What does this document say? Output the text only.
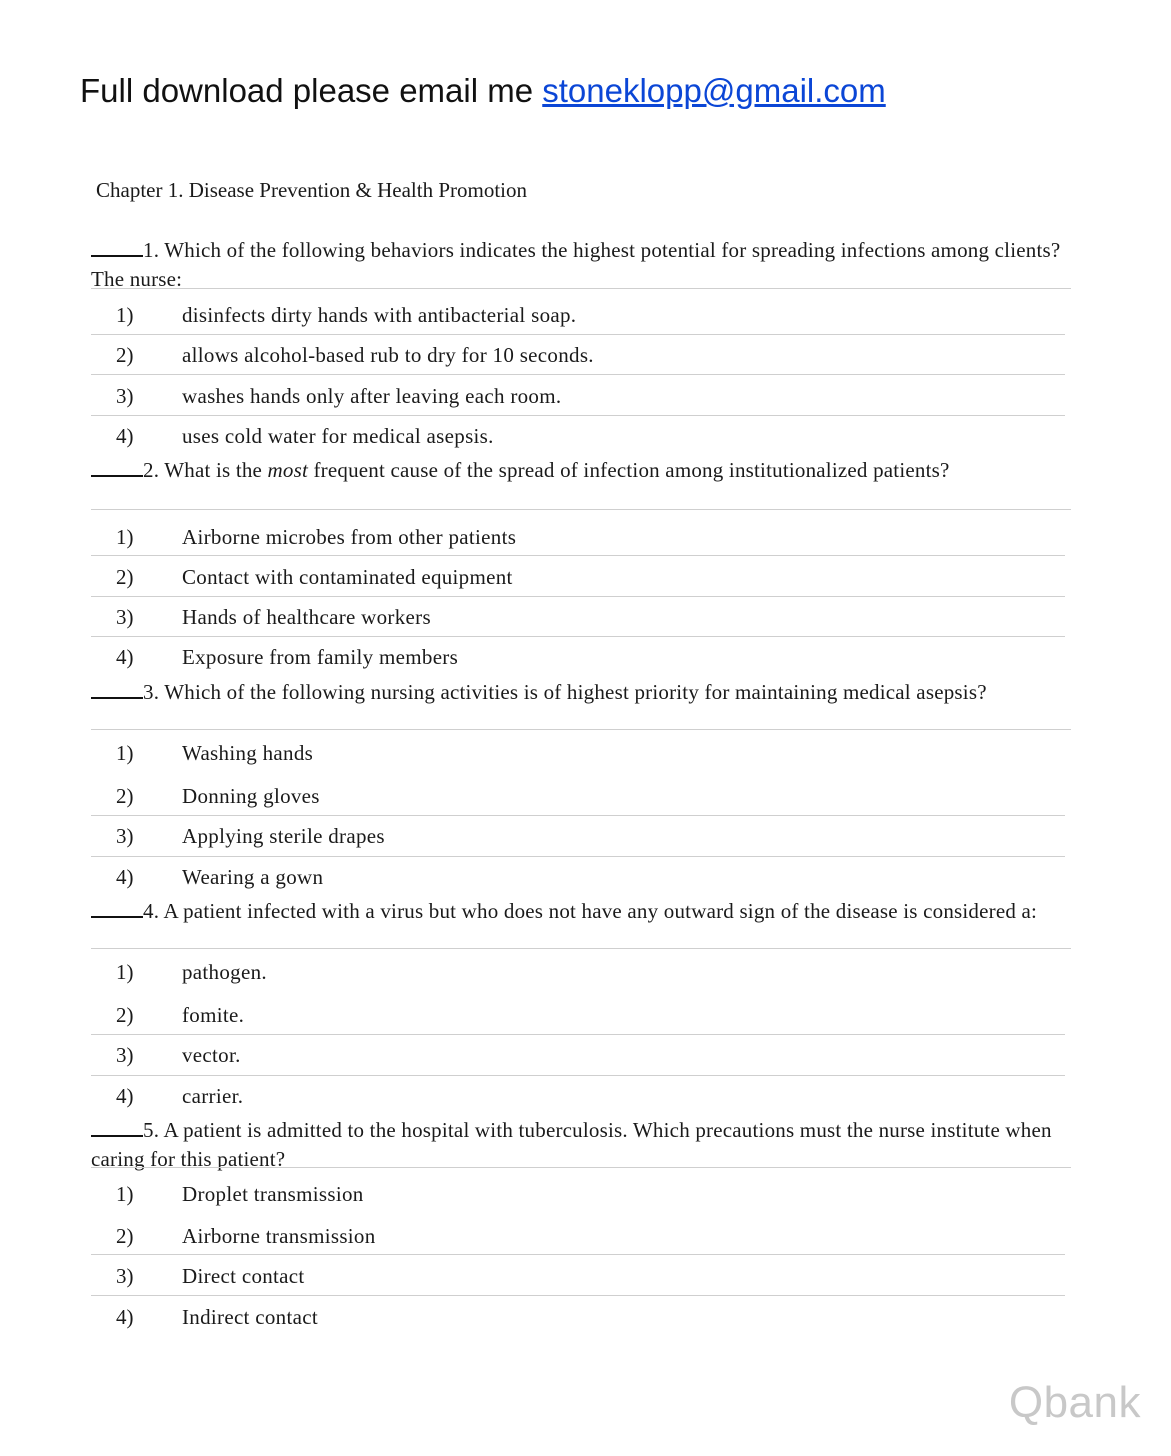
Full download please email me stoneklopp@gmail.com
Chapter 1. Disease Prevention & Health Promotion
1. Which of the following behaviors indicates the highest potential for spreading infections among clients? The nurse:
1) disinfects dirty hands with antibacterial soap.
2) allows alcohol-based rub to dry for 10 seconds.
3) washes hands only after leaving each room.
4) uses cold water for medical asepsis.
2. What is the most frequent cause of the spread of infection among institutionalized patients?
1) Airborne microbes from other patients
2) Contact with contaminated equipment
3) Hands of healthcare workers
4) Exposure from family members
3. Which of the following nursing activities is of highest priority for maintaining medical asepsis?
1) Washing hands
2) Donning gloves
3) Applying sterile drapes
4) Wearing a gown
4. A patient infected with a virus but who does not have any outward sign of the disease is considered a:
1) pathogen.
2) fomite.
3) vector.
4) carrier.
5. A patient is admitted to the hospital with tuberculosis. Which precautions must the nurse institute when caring for this patient?
1) Droplet transmission
2) Airborne transmission
3) Direct contact
4) Indirect contact
Qbank
